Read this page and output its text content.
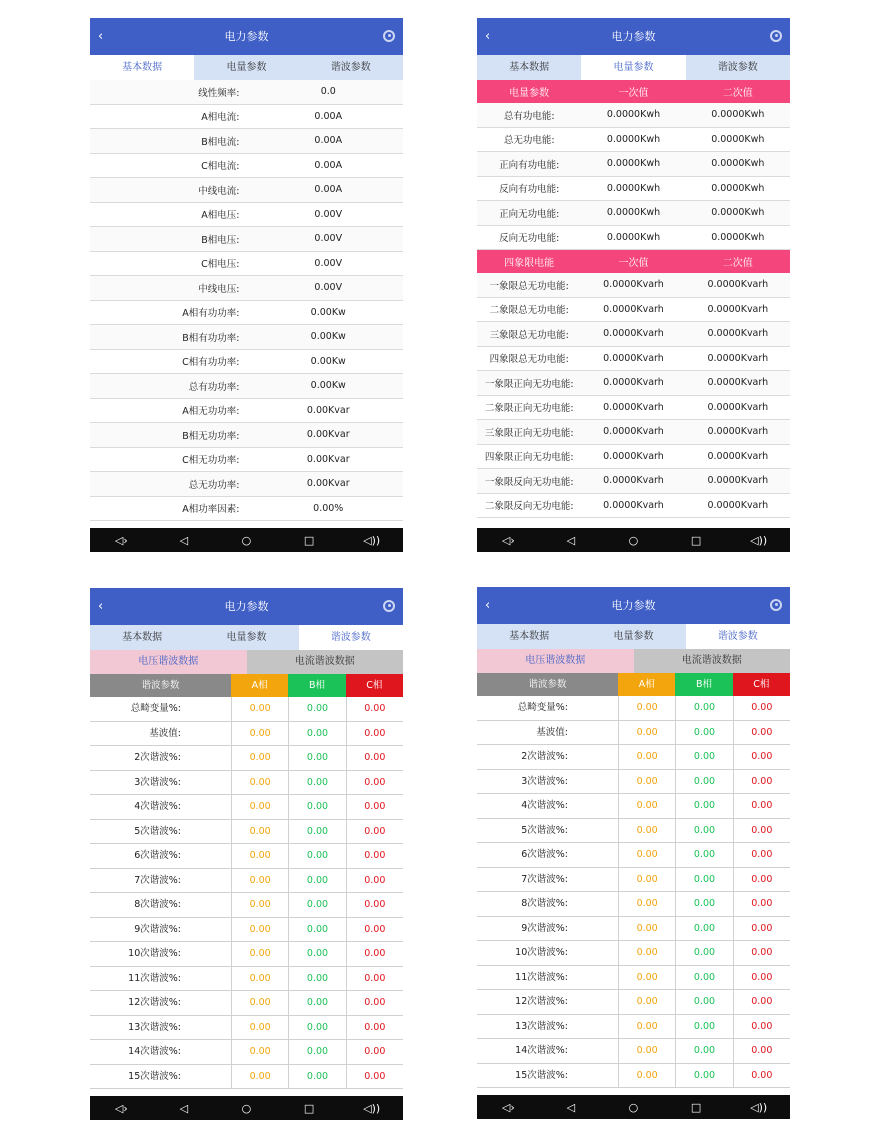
‹	电力参数
基本数据	电量参数	谐波参数
线性频率:	0.0
A相电流:	0.00A
B相电流:	0.00A
C相电流:	0.00A
中线电流:	0.00A
A相电压:	0.00V
B相电压:	0.00V
C相电压:	0.00V
中线电压:	0.00V
A相有功功率:	0.00Kw
B相有功功率:	0.00Kw
C相有功功率:	0.00Kw
总有功功率:	0.00Kw
A相无功功率:	0.00Kvar
B相无功功率:	0.00Kvar
C相无功功率:	0.00Kvar
总无功功率:	0.00Kvar
A相功率因素:	0.00%
◁›	◁	○	□	◁))
‹	电力参数
基本数据	电量参数	谐波参数
电量参数	一次值	二次值
总有功电能:	0.0000Kwh	0.0000Kwh
总无功电能:	0.0000Kwh	0.0000Kwh
正向有功电能:	0.0000Kwh	0.0000Kwh
反向有功电能:	0.0000Kwh	0.0000Kwh
正向无功电能:	0.0000Kwh	0.0000Kwh
反向无功电能:	0.0000Kwh	0.0000Kwh
四象限电能	一次值	二次值
一象限总无功电能:	0.0000Kvarh	0.0000Kvarh
二象限总无功电能:	0.0000Kvarh	0.0000Kvarh
三象限总无功电能:	0.0000Kvarh	0.0000Kvarh
四象限总无功电能:	0.0000Kvarh	0.0000Kvarh
一象限正向无功电能:	0.0000Kvarh	0.0000Kvarh
二象限正向无功电能:	0.0000Kvarh	0.0000Kvarh
三象限正向无功电能:	0.0000Kvarh	0.0000Kvarh
四象限正向无功电能:	0.0000Kvarh	0.0000Kvarh
一象限反向无功电能:	0.0000Kvarh	0.0000Kvarh
二象限反向无功电能:	0.0000Kvarh	0.0000Kvarh
◁›	◁	○	□	◁))
‹	电力参数
基本数据	电量参数	谐波参数
电压谐波数据	电流谐波数据
谐波参数	A相	B相	C相
总畸变量%:	0.00	0.00	0.00
基波值:	0.00	0.00	0.00
2次谐波%:	0.00	0.00	0.00
3次谐波%:	0.00	0.00	0.00
4次谐波%:	0.00	0.00	0.00
5次谐波%:	0.00	0.00	0.00
6次谐波%:	0.00	0.00	0.00
7次谐波%:	0.00	0.00	0.00
8次谐波%:	0.00	0.00	0.00
9次谐波%:	0.00	0.00	0.00
10次谐波%:	0.00	0.00	0.00
11次谐波%:	0.00	0.00	0.00
12次谐波%:	0.00	0.00	0.00
13次谐波%:	0.00	0.00	0.00
14次谐波%:	0.00	0.00	0.00
15次谐波%:	0.00	0.00	0.00
◁›	◁	○	□	◁))
‹	电力参数
基本数据	电量参数	谐波参数
电压谐波数据	电流谐波数据
谐波参数	A相	B相	C相
总畸变量%:	0.00	0.00	0.00
基波值:	0.00	0.00	0.00
2次谐波%:	0.00	0.00	0.00
3次谐波%:	0.00	0.00	0.00
4次谐波%:	0.00	0.00	0.00
5次谐波%:	0.00	0.00	0.00
6次谐波%:	0.00	0.00	0.00
7次谐波%:	0.00	0.00	0.00
8次谐波%:	0.00	0.00	0.00
9次谐波%:	0.00	0.00	0.00
10次谐波%:	0.00	0.00	0.00
11次谐波%:	0.00	0.00	0.00
12次谐波%:	0.00	0.00	0.00
13次谐波%:	0.00	0.00	0.00
14次谐波%:	0.00	0.00	0.00
15次谐波%:	0.00	0.00	0.00
◁›	◁	○	□	◁))
